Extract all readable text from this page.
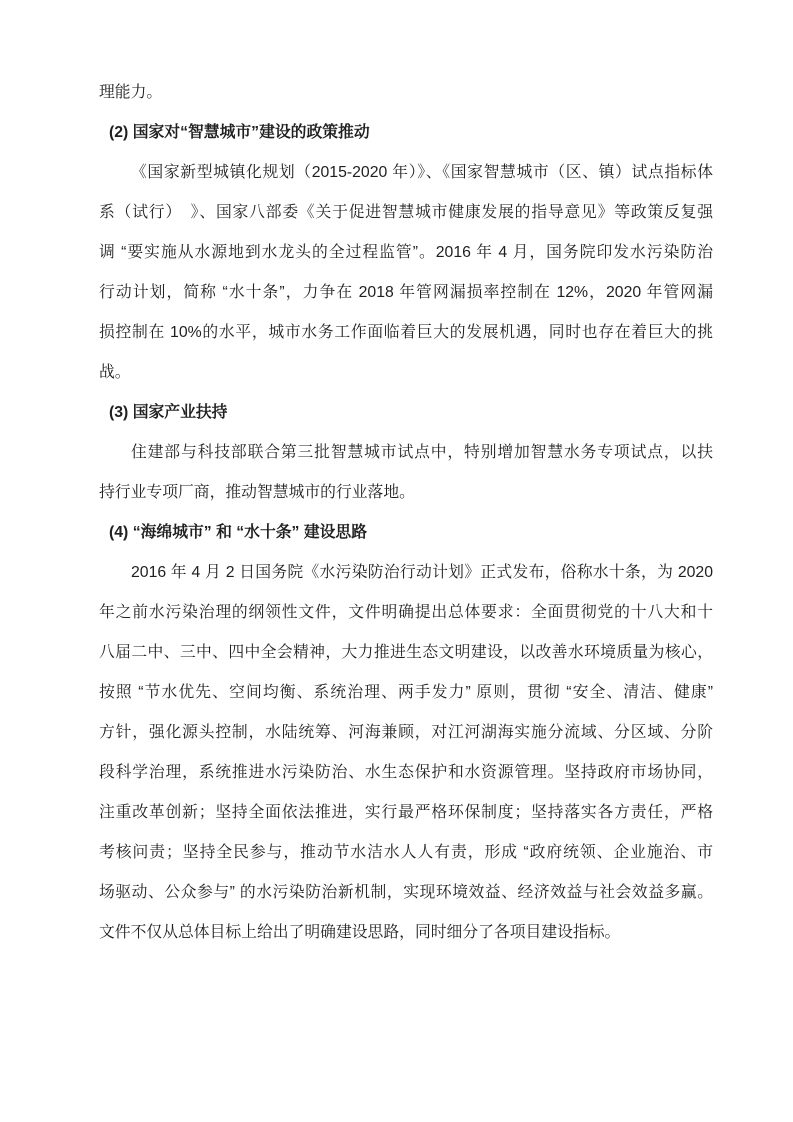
理能力。
(2) 国家对“智慧城市”建设的政策推动
《国家新型城镇化规划（2015-2020 年）》、《国家智慧城市（区、镇）试点指标体
系（试行）　》、国家八部委《关于促进智慧城市健康发展的指导意见》等政策反复强
调 “要实施从水源地到水龙头的全过程监管”。2016 年 4 月，国务院印发水污染防治
行动计划，简称 “水十条”，力争在 2018 年管网漏损率控制在 12%，2020 年管网漏
损控制在 10%的水平，城市水务工作面临着巨大的发展机遇，同时也存在着巨大的挑
战。
(3) 国家产业扶持
住建部与科技部联合第三批智慧城市试点中，特别增加智慧水务专项试点，以扶
持行业专项厂商，推动智慧城市的行业落地。
(4) “海绵城市” 和 “水十条” 建设思路
2016 年 4 月 2 日国务院《水污染防治行动计划》正式发布，俗称水十条，为 2020
年之前水污染治理的纲领性文件，文件明确提出总体要求：全面贯彻党的十八大和十
八届二中、三中、四中全会精神，大力推进生态文明建设，以改善水环境质量为核心，
按照 “节水优先、空间均衡、系统治理、两手发力” 原则，贯彻 “安全、清洁、健康”
方针，强化源头控制，水陆统筹、河海兼顾，对江河湖海实施分流域、分区域、分阶
段科学治理，系统推进水污染防治、水生态保护和水资源管理。坚持政府市场协同，
注重改革创新；坚持全面依法推进，实行最严格环保制度；坚持落实各方责任，严格
考核问责；坚持全民参与，推动节水洁水人人有责，形成 “政府统领、企业施治、市
场驱动、公众参与” 的水污染防治新机制，实现环境效益、经济效益与社会效益多赢。
文件不仅从总体目标上给出了明确建设思路，同时细分了各项目建设指标。
